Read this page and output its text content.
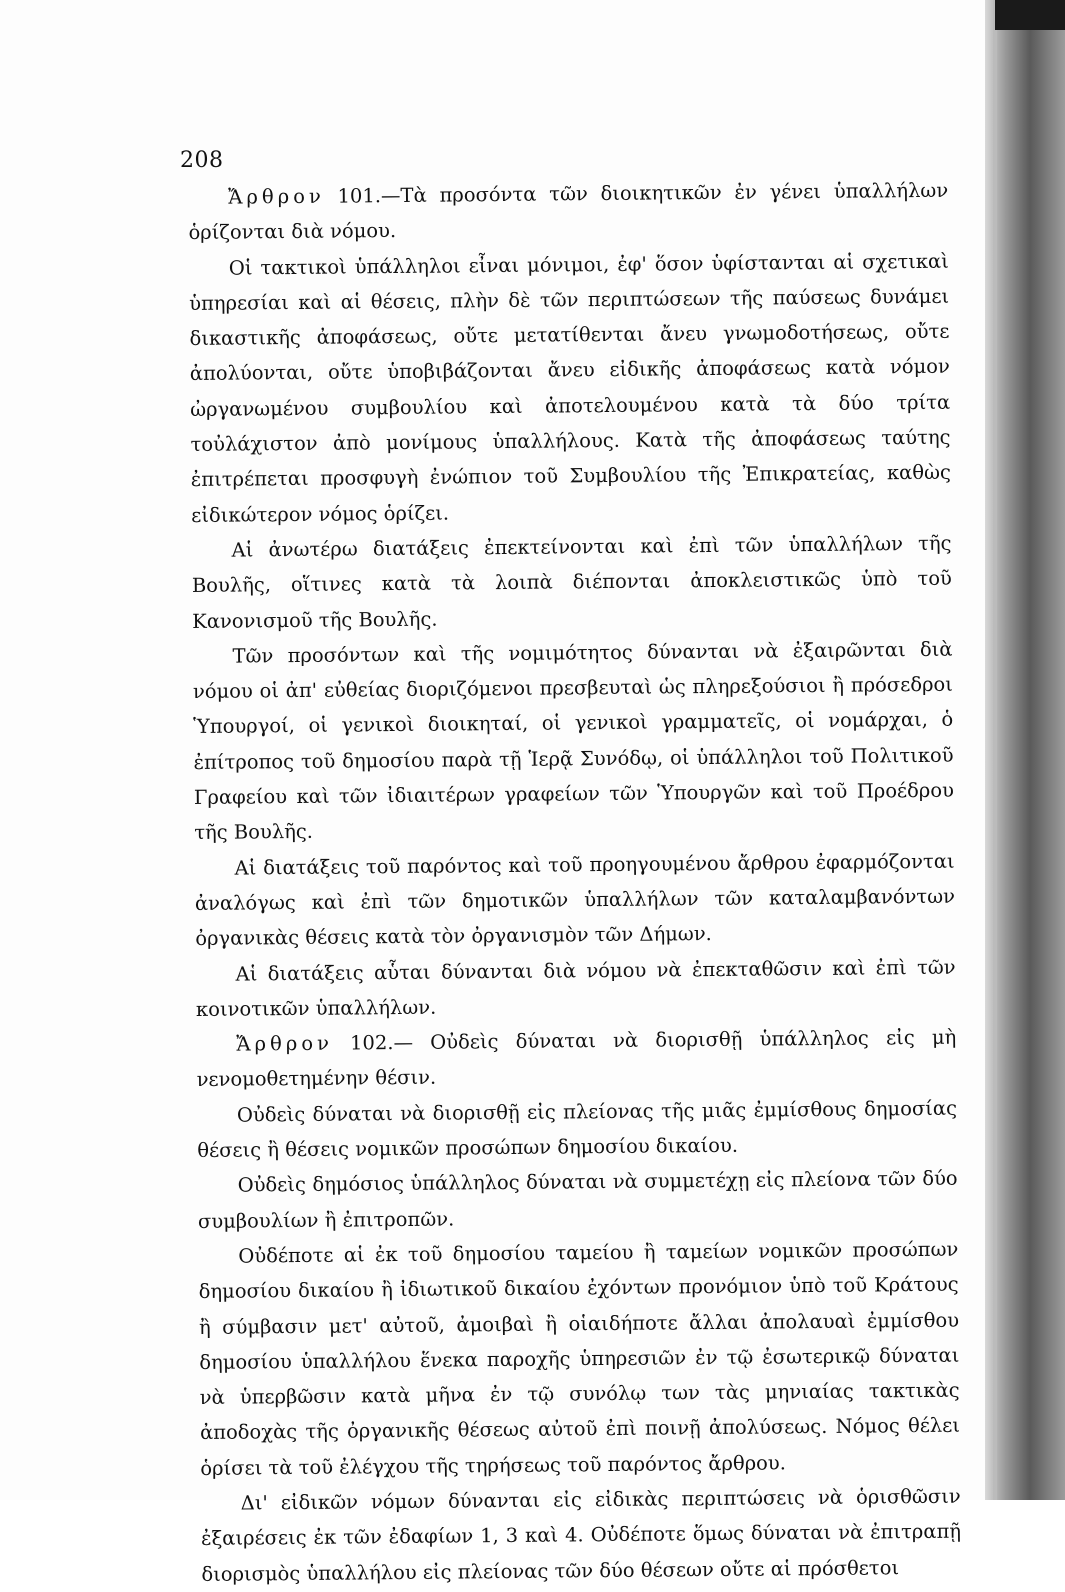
208

Ἄρθρον 101.—Τὰ προσόντα τῶν διοικητικῶν ἐν γένει ὑπαλλήλων ὁρίζονται διὰ νόμου.

Οἱ τακτικοὶ ὑπάλληλοι εἶναι μόνιμοι, ἐφ' ὅσον ὑφίστανται αἱ σχετικαὶ ὑπηρεσίαι καὶ αἱ θέσεις, πλὴν δὲ τῶν περιπτώσεων τῆς παύσεως δυνάμει δικαστικῆς ἀποφάσεως, οὔτε μετατίθενται ἄνευ γνωμοδοτήσεως, οὔτε ἀπολύονται, οὔτε ὑποβιβάζονται ἄνευ εἰδικῆς ἀποφάσεως κατὰ νόμον ὠργανωμένου συμβουλίου καὶ ἀποτελουμένου κατὰ τὰ δύο τρίτα τοὐλάχιστον ἀπὸ μονίμους ὑπαλλήλους. Κατὰ τῆς ἀποφάσεως ταύτης ἐπιτρέπεται προσφυγὴ ἐνώπιον τοῦ Συμβουλίου τῆς Ἐπικρατείας, καθὼς εἰδικώτερον νόμος ὁρίζει.

Αἱ ἀνωτέρω διατάξεις ἐπεκτείνονται καὶ ἐπὶ τῶν ὑπαλλήλων τῆς Βουλῆς, οἵτινες κατὰ τὰ λοιπὰ διέπονται ἀποκλειστικῶς ὑπὸ τοῦ Κανονισμοῦ τῆς Βουλῆς.

Τῶν προσόντων καὶ τῆς νομιμότητος δύνανται νὰ ἐξαιρῶνται διὰ νόμου οἱ ἀπ' εὐθείας διοριζόμενοι πρεσβευταὶ ὡς πληρεξούσιοι ἢ πρόσεδροι Ὑπουργοί, οἱ γενικοὶ διοικηταί, οἱ γενικοὶ γραμματεῖς, οἱ νομάρχαι, ὁ ἐπίτροπος τοῦ δημοσίου παρὰ τῇ Ἱερᾷ Συνόδῳ, οἱ ὑπάλληλοι τοῦ Πολιτικοῦ Γραφείου καὶ τῶν ἰδιαιτέρων γραφείων τῶν Ὑπουργῶν καὶ τοῦ Προέδρου τῆς Βουλῆς.

Αἱ διατάξεις τοῦ παρόντος καὶ τοῦ προηγουμένου ἄρθρου ἐφαρμόζονται ἀναλόγως καὶ ἐπὶ τῶν δημοτικῶν ὑπαλλήλων τῶν καταλαμβανόντων ὀργανικὰς θέσεις κατὰ τὸν ὀργανισμὸν τῶν Δήμων.

Αἱ διατάξεις αὗται δύνανται διὰ νόμου νὰ ἐπεκταθῶσιν καὶ ἐπὶ τῶν κοινοτικῶν ὑπαλλήλων.

Ἄρθρον 102.— Οὐδεὶς δύναται νὰ διορισθῇ ὑπάλληλος εἰς μὴ νενομοθετημένην θέσιν.

Οὐδεὶς δύναται νὰ διορισθῇ εἰς πλείονας τῆς μιᾶς ἐμμίσθους δημοσίας θέσεις ἢ θέσεις νομικῶν προσώπων δημοσίου δικαίου.

Οὐδεὶς δημόσιος ὑπάλληλος δύναται νὰ συμμετέχῃ εἰς πλείονα τῶν δύο συμβουλίων ἢ ἐπιτροπῶν.

Οὐδέποτε αἱ ἐκ τοῦ δημοσίου ταμείου ἢ ταμείων νομικῶν προσώπων δημοσίου δικαίου ἢ ἰδιωτικοῦ δικαίου ἐχόντων προνόμιον ὑπὸ τοῦ Κράτους ἢ σύμβασιν μετ' αὐτοῦ, ἀμοιβαὶ ἢ οἱαιδήποτε ἄλλαι ἀπολαυαὶ ἐμμίσθου δημοσίου ὑπαλλήλου ἕνεκα παροχῆς ὑπηρεσιῶν ἐν τῷ ἐσωτερικῷ δύναται νὰ ὑπερβῶσιν κατὰ μῆνα ἐν τῷ συνόλῳ των τὰς μηνιαίας τακτικὰς ἀποδοχὰς τῆς ὀργανικῆς θέσεως αὐτοῦ ἐπὶ ποινῇ ἀπολύσεως. Νόμος θέλει ὁρίσει τὰ τοῦ ἐλέγχου τῆς τηρήσεως τοῦ παρόντος ἄρθρου.

Δι' εἰδικῶν νόμων δύνανται εἰς εἰδικὰς περιπτώσεις νὰ ὁρισθῶσιν ἐξαιρέσεις ἐκ τῶν ἐδαφίων 1, 3 καὶ 4. Οὐδέποτε ὅμως δύναται νὰ ἐπιτραπῇ διορισμὸς ὑπαλλήλου εἰς πλείονας τῶν δύο θέσεων οὔτε αἱ πρόσθετοι
